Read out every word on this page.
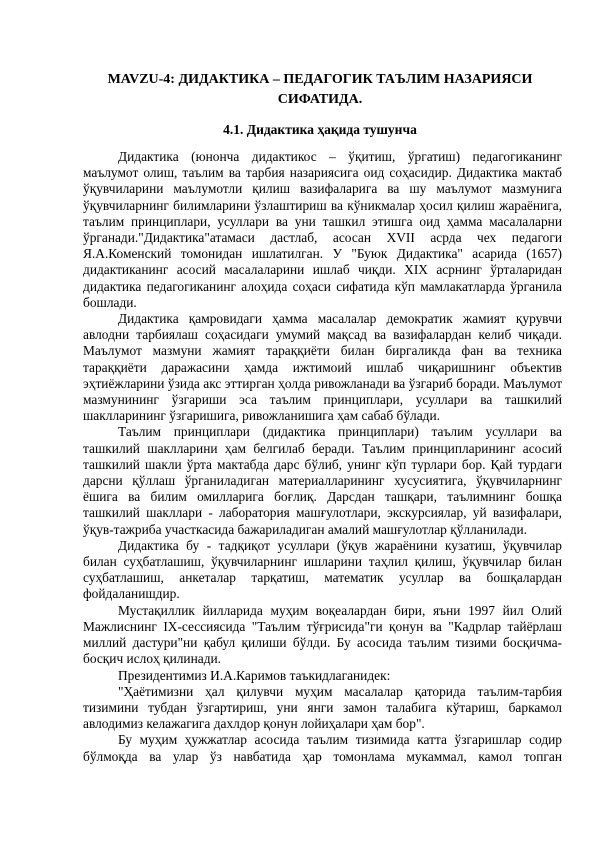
MAVZU-4: ДИДАКТИКА – ПЕДАГОГИК ТАЪЛИМ НАЗАРИЯСИ СИФАТИДА.
4.1. Дидактика ҳақида тушунча

Дидактика (юнонча дидактикос – ўқитиш, ўргатиш) педагогиканинг маълумот олиш, таълим ва тарбия назариясига оид соҳасидир. Дидактика мактаб ўқувчиларини маълумотли қилиш вазифаларига ва шу маълумот мазмунига ўқувчиларнинг билимларини ўзлаштириш ва кўникмалар ҳосил қилиш жараёнига, таълим принциплари, усуллари ва уни ташкил этишга оид ҳамма масалаларни ўрганади."Дидактика"атамаси дастлаб, асосан XVII асрда чех педагоги Я.А.Коменский томонидан ишлатилган. У "Буюк Дидактика" асарида (1657) дидактиканинг асосий масалаларини ишлаб чиқди. XIX асрнинг ўрталаридан дидактика педагогиканинг алоҳида соҳаси сифатида кўп мамлакатларда ўрганила бошлади.

Дидактика қамровидаги ҳамма масалалар демократик жамият қурувчи авлодни тарбиялаш соҳасидаги умумий мақсад ва вазифалардан келиб чиқади. Маълумот мазмуни жамият тараққиёти билан биргаликда фан ва техника тараққиёти даражасини ҳамда ижтимоий ишлаб чиқаришнинг объектив эҳтиёжларини ўзида акс эттирган ҳолда ривожланади ва ўзгариб боради. Маълумот мазмунининг ўзгариши эса таълим принциплари, усуллари ва ташкилий шаклларининг ўзгаришига, ривожланишига ҳам сабаб бўлади.

Таълим принциплари (дидактика принциплари) таълим усуллари ва ташкилий шаклларини ҳам белгилаб беради. Таълим принципларининг асосий ташкилий шакли ўрта мактабда дарс бўлиб, унинг кўп турлари бор. Қай турдаги дарсни қўллаш ўрганиладиган материалларининг хусусиятига, ўқувчиларнинг ёшига ва билим омилларига боғлиқ. Дарсдан ташқари, таълимнинг бошқа ташкилий шакллари - лаборатория машғулотлари, экскурсиялар, уй вазифалари, ўқув-тажриба участкасида бажариладиган амалий машғулотлар қўлланилади.

Дидактика бу - тадқиқот усуллари (ўқув жараёнини кузатиш, ўқувчилар билан суҳбатлашиш, ўқувчиларнинг ишларини таҳлил қилиш, ўқувчилар билан суҳбатлашиш, анкеталар тарқатиш, математик усуллар ва бошқалардан фойдаланишдир.

Мустақиллик йилларида муҳим воқеалардан бири, яъни 1997 йил Олий Мажлиснинг IX-сессиясида "Таълим тўғрисида"ги қонун ва "Кадрлар тайёрлаш миллий дастури"ни қабул қилиши бўлди. Бу асосида таълим тизими босқичма-босқич ислоҳ қилинади.

Президентимиз И.А.Каримов таъкидлаганидек:

"Ҳаётимизни ҳал қилувчи муҳим масалалар қаторида таълим-тарбия тизимини тубдан ўзгартириш, уни янги замон талабига кўтариш, баркамол авлодимиз келажагига дахлдор қонун лойиҳалари ҳам бор".

Бу муҳим ҳужжатлар асосида таълим тизимида катта ўзгаришлар содир бўлмоқда ва улар ўз навбатида ҳар томонлама мукаммал, камол топган
